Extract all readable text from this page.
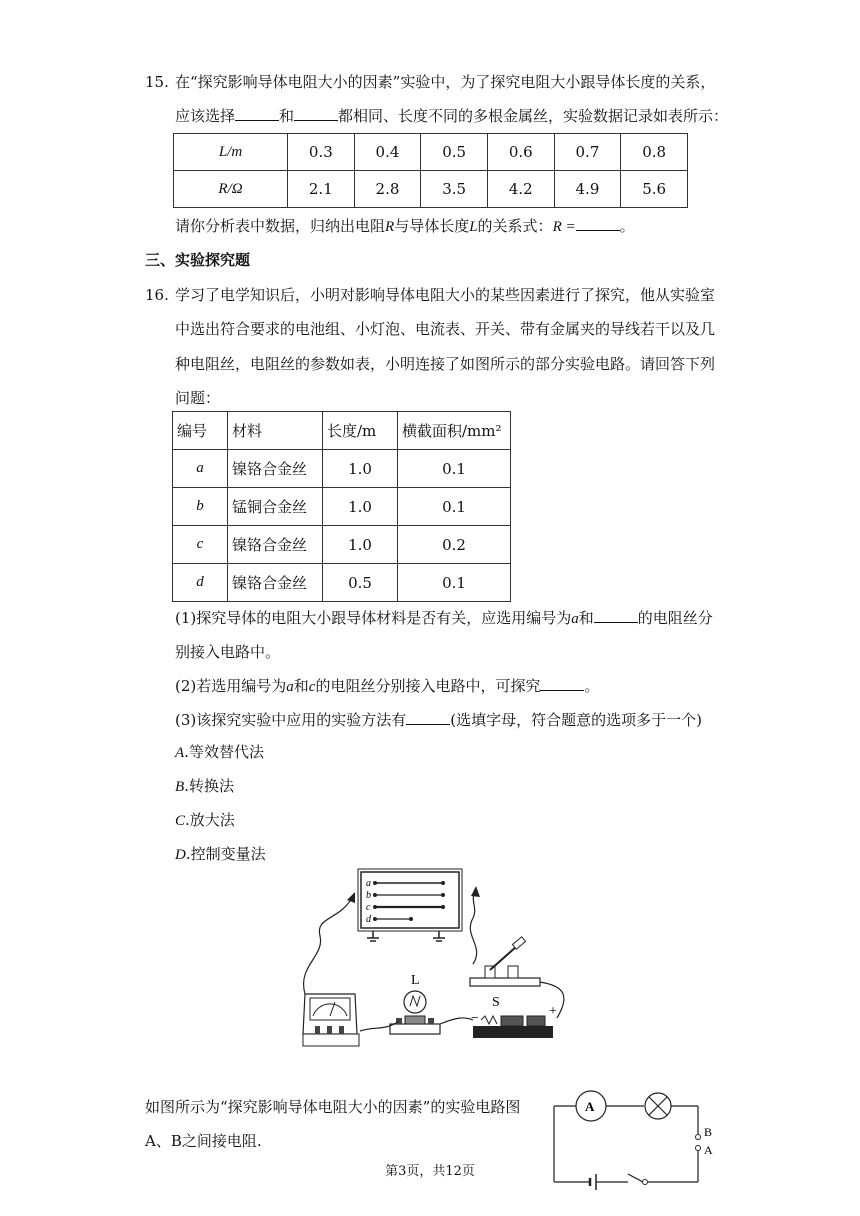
15. 在“探究影响导体电阻大小的因素”实验中，为了探究电阻大小跟导体长度的关系，
应该选择	和	都相同、长度不同的多根金属丝，实验数据记录如表所示：
L/m	0.3	0.4	0.5	0.6	0.7	0.8
R/Ω	2.1	2.8	3.5	4.2	4.9	5.6
请你分析表中数据，归纳出电阻R与导体长度L的关系式：R =	。
三、实验探究题
16. 学习了电学知识后，小明对影响导体电阻大小的某些因素进行了探究，他从实验室
中选出符合要求的电池组、小灯泡、电流表、开关、带有金属夹的导线若干以及几
种电阻丝，电阻丝的参数如表，小明连接了如图所示的部分实验电路。请回答下列
问题：
编号	材料	长度/m	横截面积/mm²
a	镍铬合金丝	1.0	0.1
b	锰铜合金丝	1.0	0.1
c	镍铬合金丝	1.0	0.2
d	镍铬合金丝	0.5	0.1
(1)探究导体的电阻大小跟导体材料是否有关，应选用编号为a和	的电阻丝分
别接入电路中。
(2)若选用编号为a和c的电阻丝分别接入电路中，可探究	。
(3)该探究实验中应用的实验方法有	(选填字母，符合题意的选项多于一个)
A.等效替代法
B.转换法
C.放大法
D.控制变量法
a
b
c
d
S
−	+
L
如图所示为“探究影响导体电阻大小的因素”的实验电路图
A、B之间接电阻.
A
B
A
第3页，共12页
